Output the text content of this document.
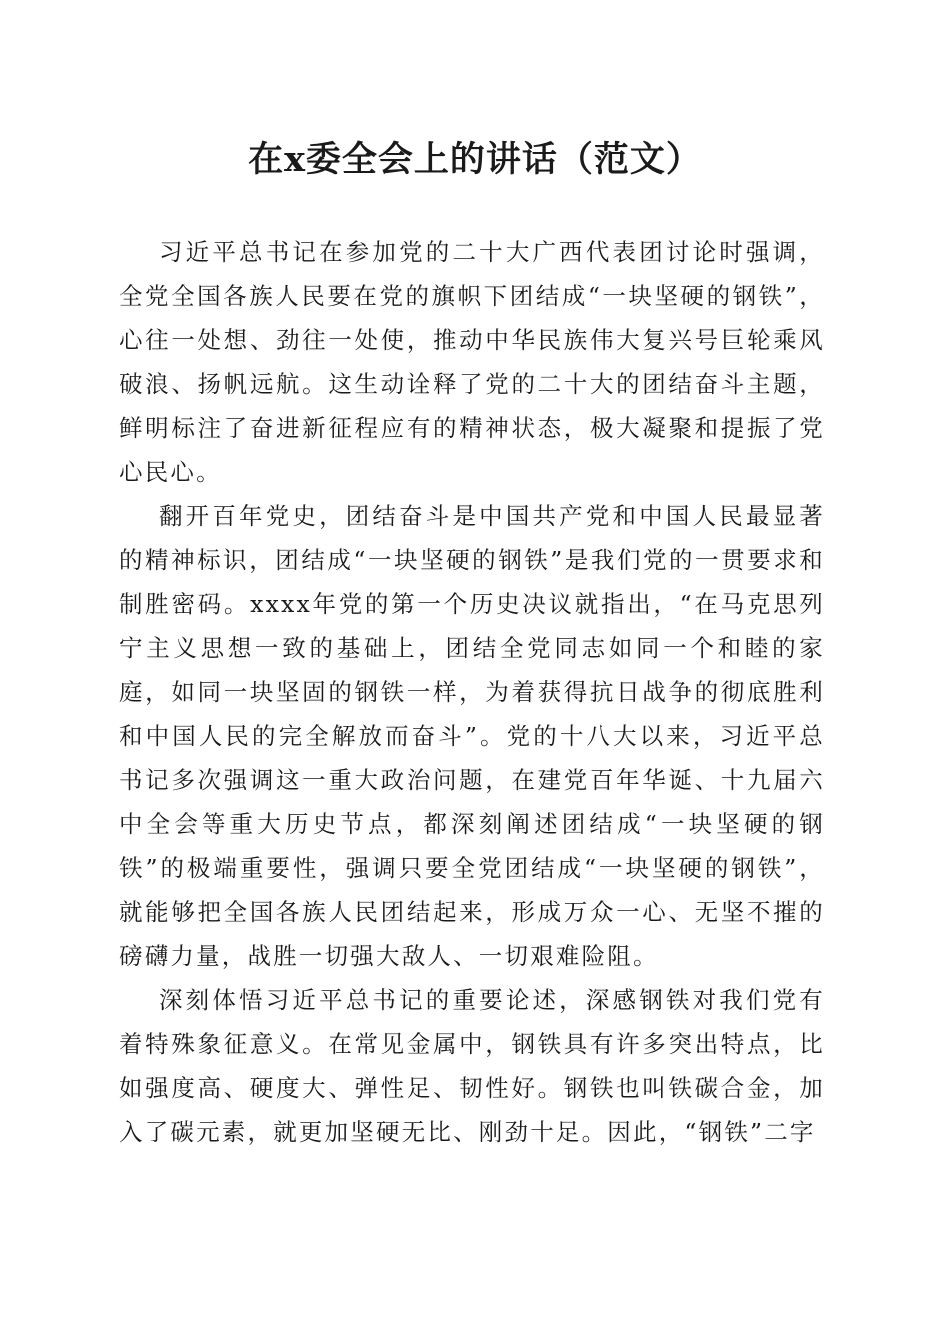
在x委全会上的讲话（范文）

习近平总书记在参加党的二十大广西代表团讨论时强调，全党全国各族人民要在党的旗帜下团结成“一块坚硬的钢铁”，心往一处想、劲往一处使，推动中华民族伟大复兴号巨轮乘风破浪、扬帆远航。这生动诠释了党的二十大的团结奋斗主题，鲜明标注了奋进新征程应有的精神状态，极大凝聚和提振了党心民心。

翻开百年党史，团结奋斗是中国共产党和中国人民最显著的精神标识，团结成“一块坚硬的钢铁”是我们党的一贯要求和制胜密码。xxxx年党的第一个历史决议就指出，“在马克思列宁主义思想一致的基础上，团结全党同志如同一个和睦的家庭，如同一块坚固的钢铁一样，为着获得抗日战争的彻底胜利和中国人民的完全解放而奋斗”。党的十八大以来，习近平总书记多次强调这一重大政治问题，在建党百年华诞、十九届六中全会等重大历史节点，都深刻阐述团结成“一块坚硬的钢铁”的极端重要性，强调只要全党团结成“一块坚硬的钢铁”，就能够把全国各族人民团结起来，形成万众一心、无坚不摧的磅礴力量，战胜一切强大敌人、一切艰难险阻。

深刻体悟习近平总书记的重要论述，深感钢铁对我们党有着特殊象征意义。在常见金属中，钢铁具有许多突出特点，比如强度高、硬度大、弹性足、韧性好。钢铁也叫铁碳合金，加入了碳元素，就更加坚硬无比、刚劲十足。因此，“钢铁”二字
